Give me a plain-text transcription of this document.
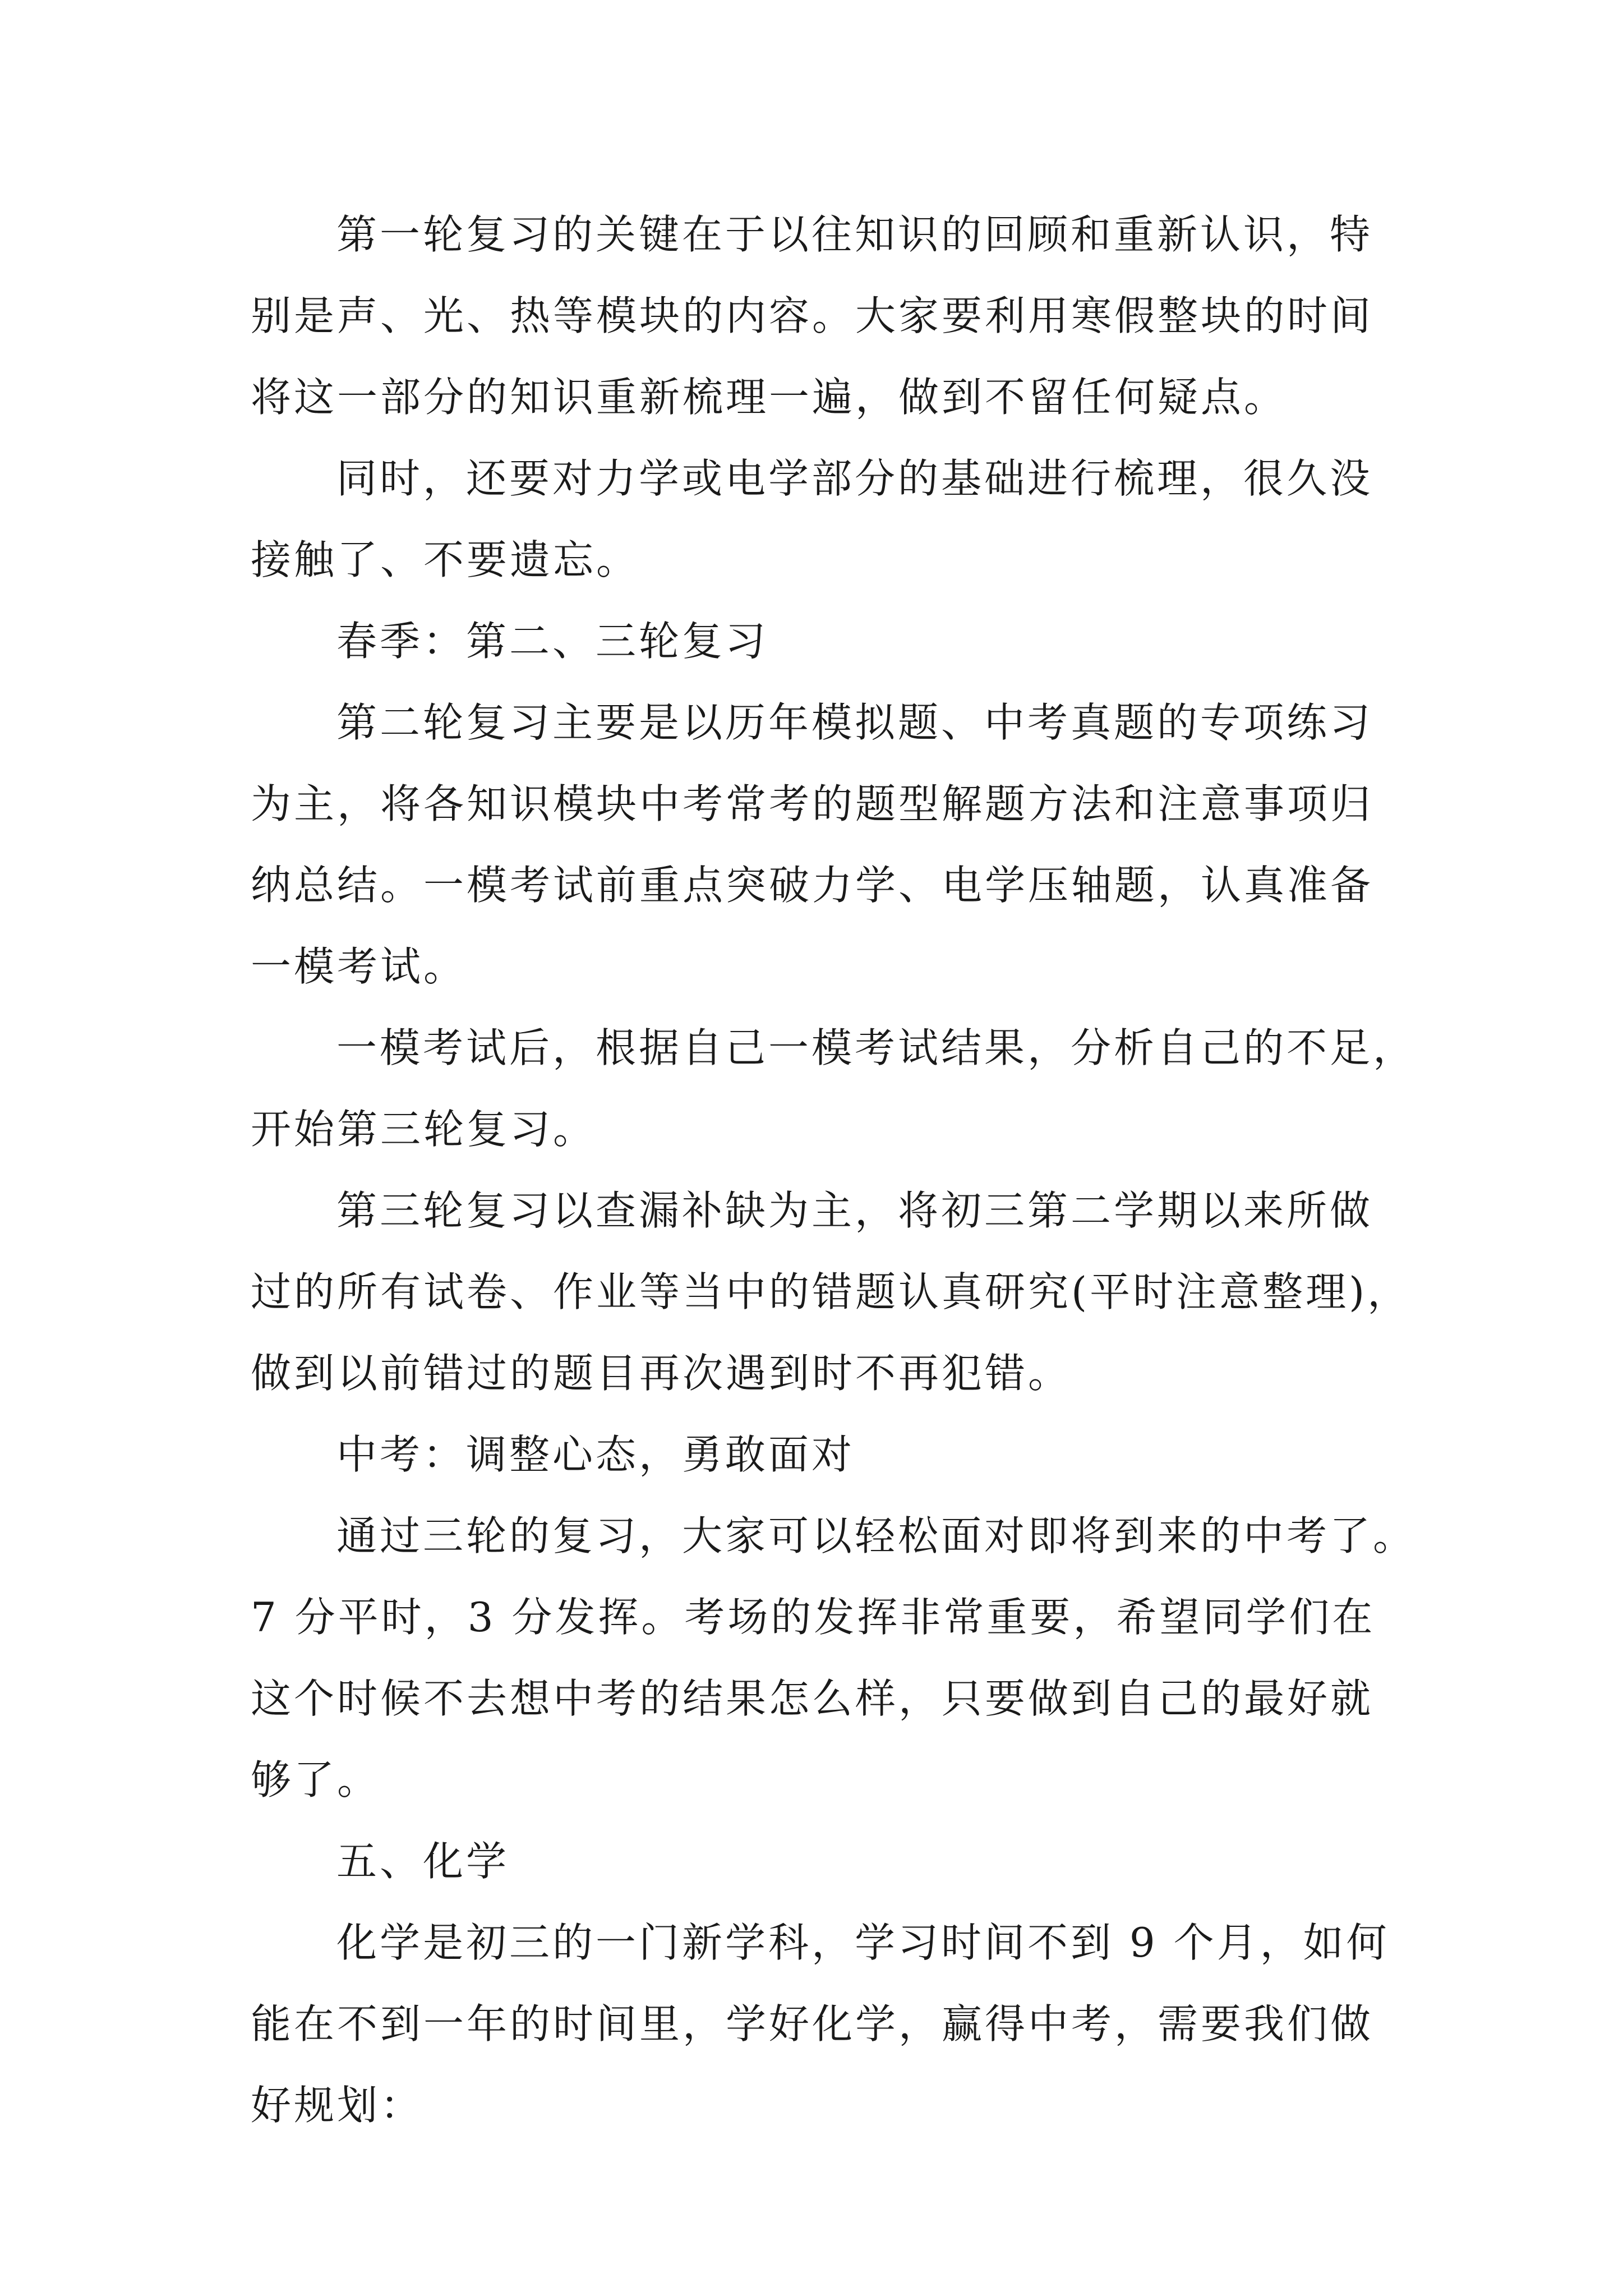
第一轮复习的关键在于以往知识的回顾和重新认识，特
别是声、光、热等模块的内容。大家要利用寒假整块的时间
将这一部分的知识重新梳理一遍，做到不留任何疑点。
同时，还要对力学或电学部分的基础进行梳理，很久没
接触了、不要遗忘。
春季：第二、三轮复习
第二轮复习主要是以历年模拟题、中考真题的专项练习
为主，将各知识模块中考常考的题型解题方法和注意事项归
纳总结。一模考试前重点突破力学、电学压轴题，认真准备
一模考试。
一模考试后，根据自己一模考试结果，分析自己的不足，
开始第三轮复习。
第三轮复习以查漏补缺为主，将初三第二学期以来所做
过的所有试卷、作业等当中的错题认真研究(平时注意整理)，
做到以前错过的题目再次遇到时不再犯错。
中考：调整心态，勇敢面对
通过三轮的复习，大家可以轻松面对即将到来的中考了。
7 分平时，3 分发挥。考场的发挥非常重要，希望同学们在
这个时候不去想中考的结果怎么样，只要做到自己的最好就
够了。
五、化学
化学是初三的一门新学科，学习时间不到 9 个月，如何
能在不到一年的时间里，学好化学，赢得中考，需要我们做
好规划：
